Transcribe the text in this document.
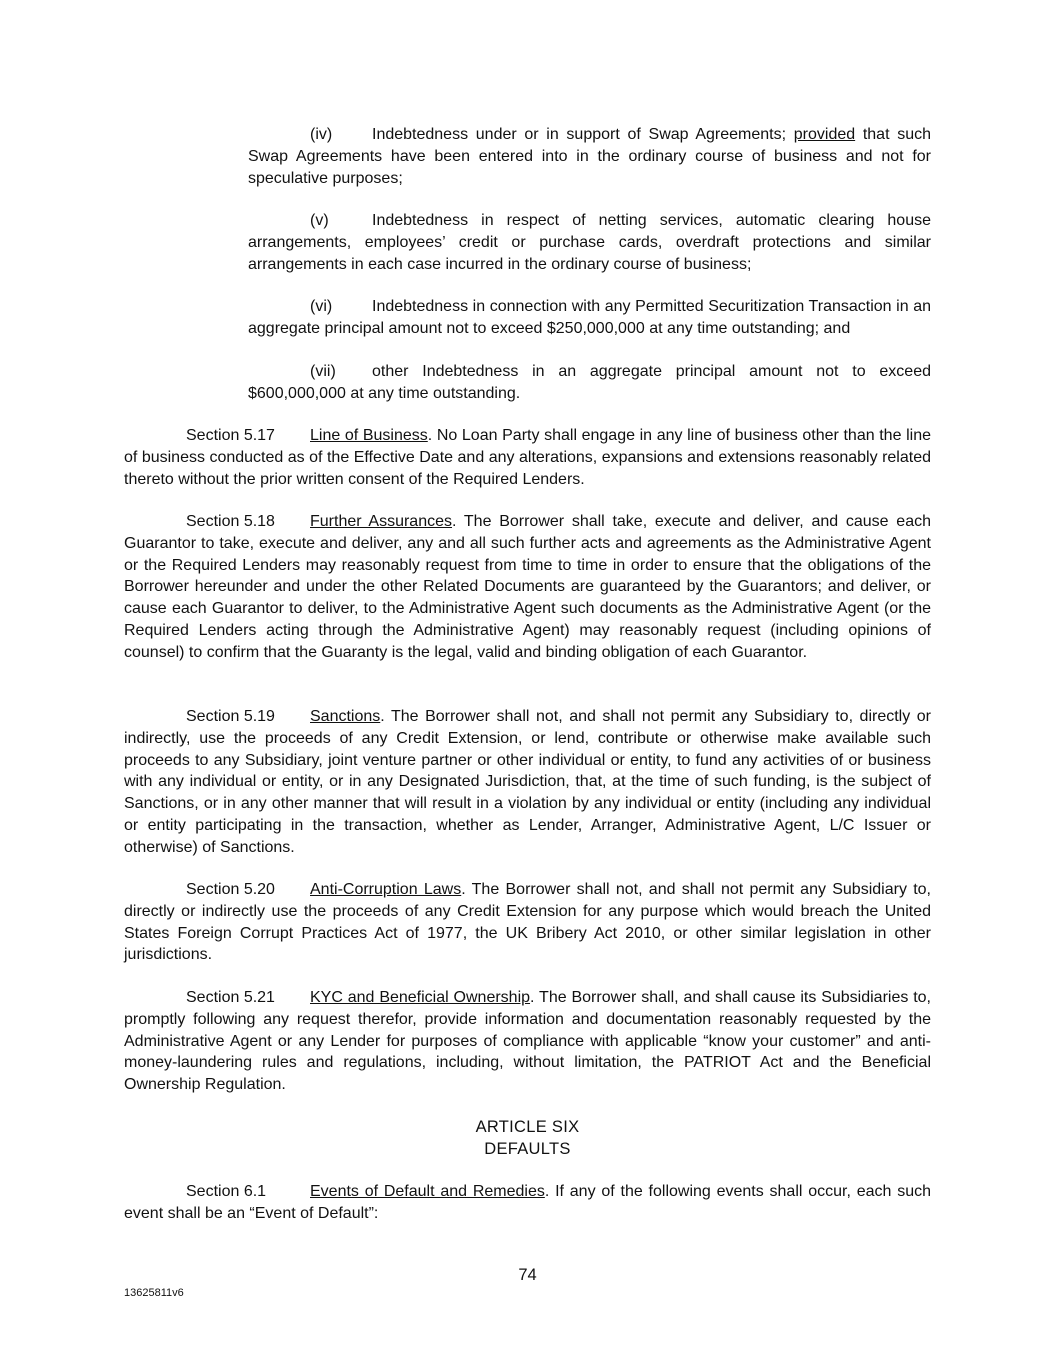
(iv) Indebtedness under or in support of Swap Agreements; provided that such Swap Agreements have been entered into in the ordinary course of business and not for speculative purposes;

(v)	Indebtedness in respect of netting services, automatic clearing house arrangements, employees’ credit or purchase cards, overdraft protections and similar arrangements in each case incurred in the ordinary course of business;

(vi) Indebtedness in connection with any Permitted Securitization Transaction in an aggregate principal amount not to exceed $250,000,000 at any time outstanding; and

(vii) other Indebtedness in an aggregate principal amount not to exceed $600,000,000 at any time outstanding.

Section 5.17 Line of Business. No Loan Party shall engage in any line of business other than the line of business conducted as of the Effective Date and any alterations, expansions and extensions reasonably related thereto without the prior written consent of the Required Lenders.

Section 5.18 Further Assurances. The Borrower shall take, execute and deliver, and cause each Guarantor to take, execute and deliver, any and all such further acts and agreements as the Administrative Agent or the Required Lenders may reasonably request from time to time in order to ensure that the obligations of the Borrower hereunder and under the other Related Documents are guaranteed by the Guarantors; and deliver, or cause each Guarantor to deliver, to the Administrative Agent such documents as the Administrative Agent (or the Required Lenders acting through the Administrative Agent) may reasonably request (including opinions of counsel) to confirm that the Guaranty is the legal, valid and binding obligation of each Guarantor.

Section 5.19 Sanctions. The Borrower shall not, and shall not permit any Subsidiary to, directly or indirectly, use the proceeds of any Credit Extension, or lend, contribute or otherwise make available such proceeds to any Subsidiary, joint venture partner or other individual or entity, to fund any activities of or business with any individual or entity, or in any Designated Jurisdiction, that, at the time of such funding, is the subject of Sanctions, or in any other manner that will result in a violation by any individual or entity (including any individual or entity participating in the transaction, whether as Lender, Arranger, Administrative Agent, L/C Issuer or otherwise) of Sanctions.

Section 5.20 Anti-Corruption Laws. The Borrower shall not, and shall not permit any Subsidiary to, directly or indirectly use the proceeds of any Credit Extension for any purpose which would breach the United States Foreign Corrupt Practices Act of 1977, the UK Bribery Act 2010, or other similar legislation in other jurisdictions.

Section 5.21 KYC and Beneficial Ownership. The Borrower shall, and shall cause its Subsidiaries to, promptly following any request therefor, provide information and documentation reasonably requested by the Administrative Agent or any Lender for purposes of compliance with applicable “know your customer” and anti-money-laundering rules and regulations, including, without limitation, the PATRIOT Act and the Beneficial Ownership Regulation.

ARTICLE SIX
DEFAULTS

Section 6.1	Events of Default and Remedies. If any of the following events shall occur, each such event shall be an “Event of Default”:

74
13625811v6
